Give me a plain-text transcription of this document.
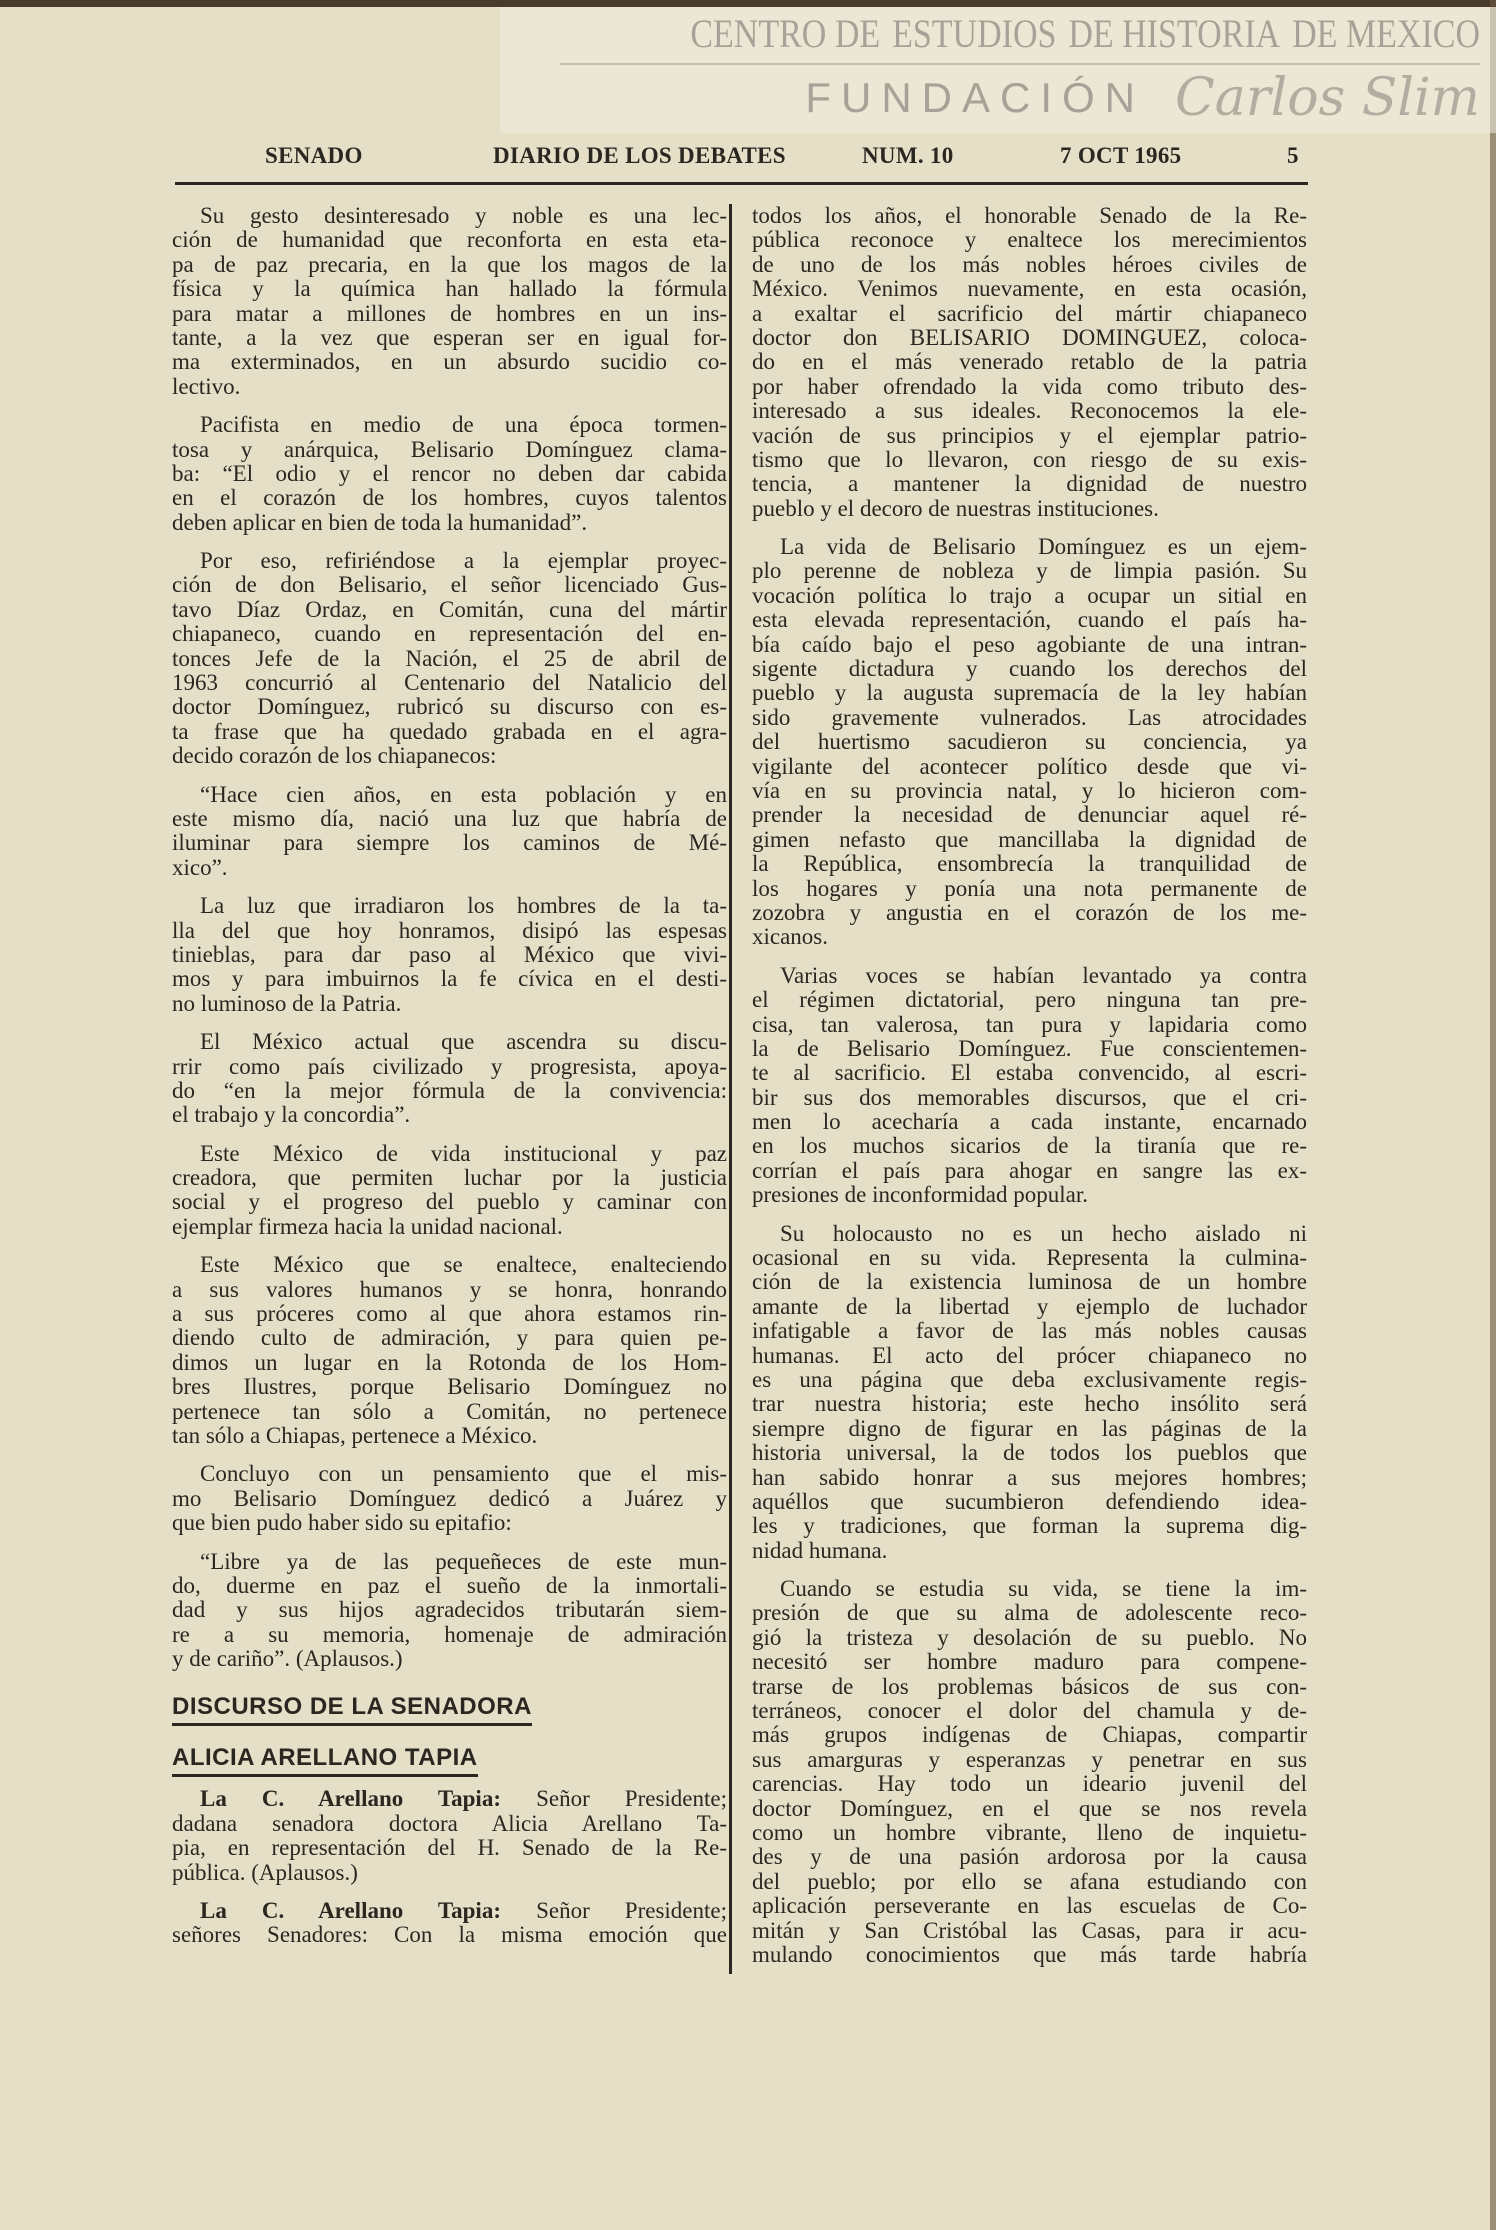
CENTRO DE ESTUDIOS DE HISTORIA DE MEXICO
FUNDACIÓN Carlos Slim
SENADO	DIARIO DE LOS DEBATES	NUM. 10	7 OCT 1965	5
Su gesto desinteresado y noble es una lec-
ción de humanidad que reconforta en esta eta-
pa de paz precaria, en la que los magos de la
física y la química han hallado la fórmula
para matar a millones de hombres en un ins-
tante, a la vez que esperan ser en igual for-
ma exterminados, en un absurdo sucidio co-
lectivo.
Pacifista en medio de una época tormen-
tosa y anárquica, Belisario Domínguez clama-
ba: “El odio y el rencor no deben dar cabida
en el corazón de los hombres, cuyos talentos
deben aplicar en bien de toda la humanidad”.
Por eso, refiriéndose a la ejemplar proyec-
ción de don Belisario, el señor licenciado Gus-
tavo Díaz Ordaz, en Comitán, cuna del mártir
chiapaneco, cuando en representación del en-
tonces Jefe de la Nación, el 25 de abril de
1963 concurrió al Centenario del Natalicio del
doctor Domínguez, rubricó su discurso con es-
ta frase que ha quedado grabada en el agra-
decido corazón de los chiapanecos:
“Hace cien años, en esta población y en
este mismo día, nació una luz que habría de
iluminar para siempre los caminos de Mé-
xico”.
La luz que irradiaron los hombres de la ta-
lla del que hoy honramos, disipó las espesas
tinieblas, para dar paso al México que vivi-
mos y para imbuirnos la fe cívica en el desti-
no luminoso de la Patria.
El México actual que ascendra su discu-
rrir como país civilizado y progresista, apoya-
do “en la mejor fórmula de la convivencia:
el trabajo y la concordia”.
Este México de vida institucional y paz
creadora, que permiten luchar por la justicia
social y el progreso del pueblo y caminar con
ejemplar firmeza hacia la unidad nacional.
Este México que se enaltece, enalteciendo
a sus valores humanos y se honra, honrando
a sus próceres como al que ahora estamos rin-
diendo culto de admiración, y para quien pe-
dimos un lugar en la Rotonda de los Hom-
bres Ilustres, porque Belisario Domínguez no
pertenece tan sólo a Comitán, no pertenece
tan sólo a Chiapas, pertenece a México.
Concluyo con un pensamiento que el mis-
mo Belisario Domínguez dedicó a Juárez y
que bien pudo haber sido su epitafio:
“Libre ya de las pequeñeces de este mun-
do, duerme en paz el sueño de la inmortali-
dad y sus hijos agradecidos tributarán siem-
re a su memoria, homenaje de admiración
y de cariño”. (Aplausos.)
DISCURSO DE LA SENADORA
ALICIA ARELLANO TAPIA
La C. Arellano Tapia: Señor Presidente;
dadana senadora doctora Alicia Arellano Ta-
pia, en representación del H. Senado de la Re-
pública. (Aplausos.)
La C. Arellano Tapia: Señor Presidente;
señores Senadores: Con la misma emoción que
todos los años, el honorable Senado de la Re-
pública reconoce y enaltece los merecimientos
de uno de los más nobles héroes civiles de
México. Venimos nuevamente, en esta ocasión,
a exaltar el sacrificio del mártir chiapaneco
doctor don BELISARIO DOMINGUEZ, coloca-
do en el más venerado retablo de la patria
por haber ofrendado la vida como tributo des-
interesado a sus ideales. Reconocemos la ele-
vación de sus principios y el ejemplar patrio-
tismo que lo llevaron, con riesgo de su exis-
tencia, a mantener la dignidad de nuestro
pueblo y el decoro de nuestras instituciones.
La vida de Belisario Domínguez es un ejem-
plo perenne de nobleza y de limpia pasión. Su
vocación política lo trajo a ocupar un sitial en
esta elevada representación, cuando el país ha-
bía caído bajo el peso agobiante de una intran-
sigente dictadura y cuando los derechos del
pueblo y la augusta supremacía de la ley habían
sido gravemente vulnerados. Las atrocidades
del huertismo sacudieron su conciencia, ya
vigilante del acontecer político desde que vi-
vía en su provincia natal, y lo hicieron com-
prender la necesidad de denunciar aquel ré-
gimen nefasto que mancillaba la dignidad de
la República, ensombrecía la tranquilidad de
los hogares y ponía una nota permanente de
zozobra y angustia en el corazón de los me-
xicanos.
Varias voces se habían levantado ya contra
el régimen dictatorial, pero ninguna tan pre-
cisa, tan valerosa, tan pura y lapidaria como
la de Belisario Domínguez. Fue conscientemen-
te al sacrificio. El estaba convencido, al escri-
bir sus dos memorables discursos, que el cri-
men lo acecharía a cada instante, encarnado
en los muchos sicarios de la tiranía que re-
corrían el país para ahogar en sangre las ex-
presiones de inconformidad popular.
Su holocausto no es un hecho aislado ni
ocasional en su vida. Representa la culmina-
ción de la existencia luminosa de un hombre
amante de la libertad y ejemplo de luchador
infatigable a favor de las más nobles causas
humanas. El acto del prócer chiapaneco no
es una página que deba exclusivamente regis-
trar nuestra historia; este hecho insólito será
siempre digno de figurar en las páginas de la
historia universal, la de todos los pueblos que
han sabido honrar a sus mejores hombres;
aquéllos que sucumbieron defendiendo idea-
les y tradiciones, que forman la suprema dig-
nidad humana.
Cuando se estudia su vida, se tiene la im-
presión de que su alma de adolescente reco-
gió la tristeza y desolación de su pueblo. No
necesitó ser hombre maduro para compene-
trarse de los problemas básicos de sus con-
terráneos, conocer el dolor del chamula y de-
más grupos indígenas de Chiapas, compartir
sus amarguras y esperanzas y penetrar en sus
carencias. Hay todo un ideario juvenil del
doctor Domínguez, en el que se nos revela
como un hombre vibrante, lleno de inquietu-
des y de una pasión ardorosa por la causa
del pueblo; por ello se afana estudiando con
aplicación perseverante en las escuelas de Co-
mitán y San Cristóbal las Casas, para ir acu-
mulando conocimientos que más tarde habría
